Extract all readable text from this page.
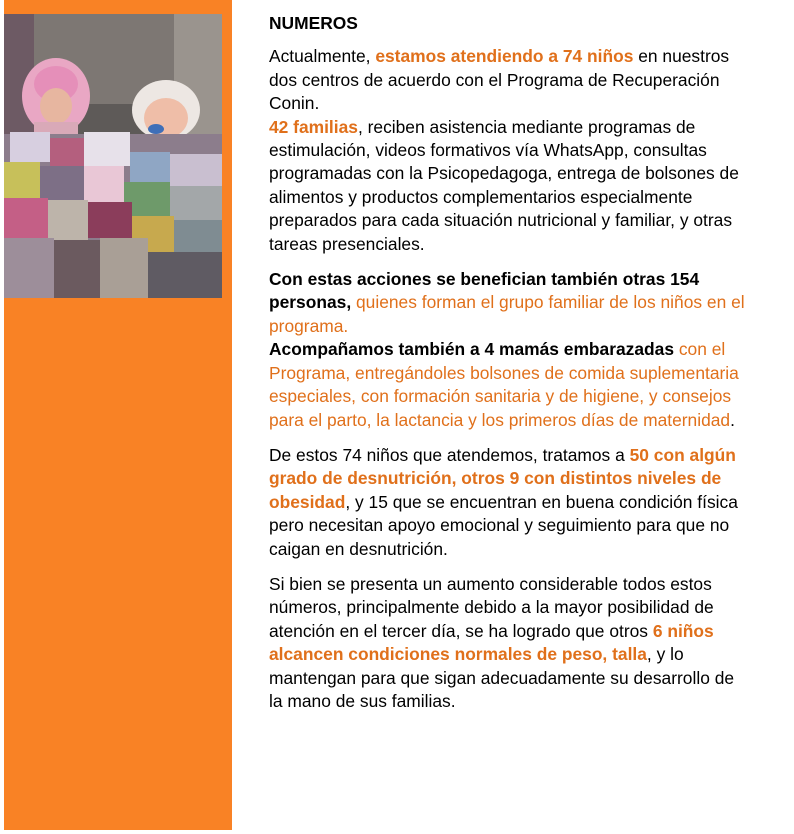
NUMEROS

Actualmente, estamos atendiendo a 74 niños en nuestros dos centros de acuerdo con el Programa de Recuperación Conin.

42 familias, reciben asistencia mediante programas de estimulación, videos formativos vía WhatsApp, consultas programadas con la Psicopedagoga, entrega de bolsones de alimentos y productos complementarios especialmente preparados para cada situación nutricional y familiar, y otras tareas presenciales.

Con estas acciones se benefician también otras 154 personas, quienes forman el grupo familiar de los niños en el programa.

Acompañamos también a 4 mamás embarazadas con el Programa, entregándoles bolsones de comida suplementaria especiales, con formación sanitaria y de higiene, y consejos para el parto, la lactancia y los primeros días de maternidad.

De estos 74 niños que atendemos, tratamos a 50 con algún grado de desnutrición, otros 9 con distintos niveles de obesidad, y 15 que se encuentran en buena condición física pero necesitan apoyo emocional y seguimiento para que no caigan en desnutrición.

Si bien se presenta un aumento considerable todos estos números, principalmente debido a la mayor posibilidad de atención en el tercer día, se ha logrado que otros 6 niños alcancen condiciones normales de peso, talla, y lo mantengan para que sigan adecuadamente su desarrollo de la mano de sus familias.
